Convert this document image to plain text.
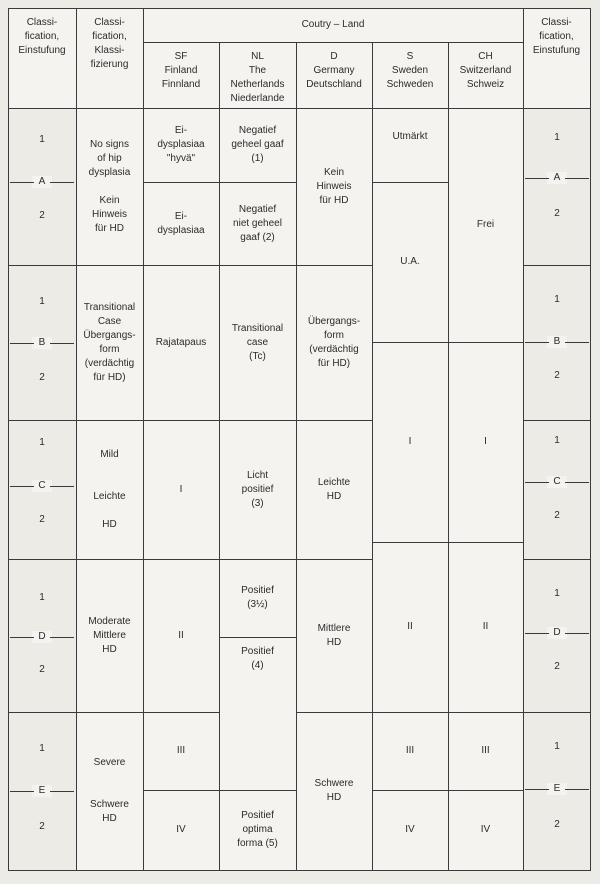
Classi-
fication,
Einstufung
Classi-
fication,
Klassi-
fizierung
Coutry – Land
SF
Finland
Finnland
NL
The Netherlands
Niederlande
D
Germany
Deutschland
S
Sweden
Schweden
CH
Switzerland
Schweiz
Classi-
fication,
Einstufung
No signs
of hip
dysplasia

Kein
Hinweis
für HD
Transitional
Case
Übergangs-
form
(verdächtig
für HD)
Mild

Leichte

HD
Moderate
Mittlere
HD
Severe

Schwere
HD
Ei-
dysplasiaa
"hyvä"
Ei-
dysplasiaa
Rajatapaus
I
II
III
IV
Negatief
geheel gaaf
(1)
Negatief
niet geheel
gaaf (2)
Transitional
case
(Tc)
Licht
positief
(3)
Positief
(3½)
Positief
(4)
Positief
optima
forma (5)
Kein
Hinweis
für HD
Übergangs-
form
(verdächtig
für HD)
Leichte
HD
Mittlere
HD
Schwere
HD
Utmärkt
U.A.
I
II
III
IV
Frei
I
II
III
IV
1
A
2
1
B
2
1
C
2
1
D
2
1
E
2
1
A
2
1
B
2
1
C
2
1
D
2
1
E
2
